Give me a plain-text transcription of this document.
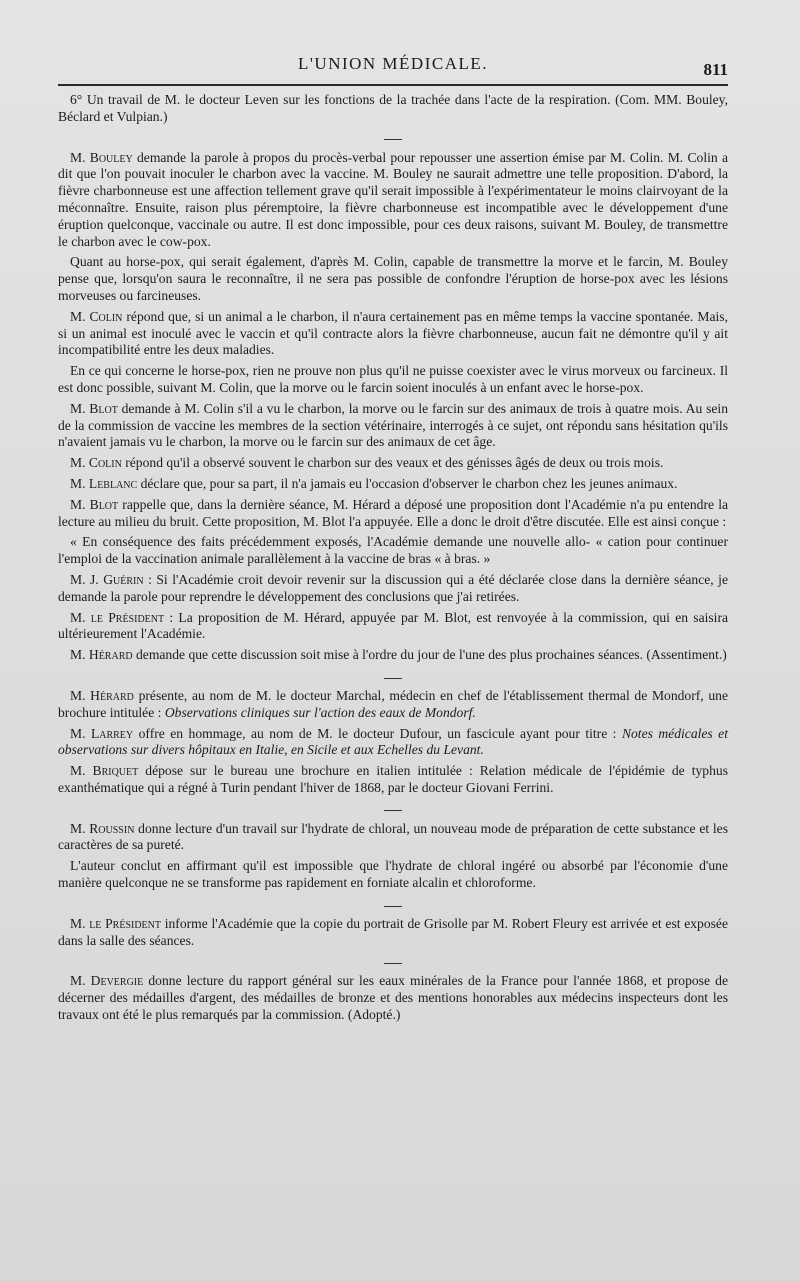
L'UNION MÉDICALE.	811

6° Un travail de M. le docteur Leven sur les fonctions de la trachée dans l'acte de la respiration. (Com. MM. Bouley, Béclard et Vulpian.)

M. Bouley demande la parole à propos du procès-verbal pour repousser une assertion émise par M. Colin. M. Colin a dit que l'on pouvait inoculer le charbon avec la vaccine. M. Bouley ne saurait admettre une telle proposition. D'abord, la fièvre charbonneuse est une affection tellement grave qu'il serait impossible à l'expérimentateur le moins clairvoyant de la méconnaître. Ensuite, raison plus péremptoire, la fièvre charbonneuse est incompatible avec le développement d'une éruption quelconque, vaccinale ou autre. Il est donc impossible, pour ces deux raisons, suivant M. Bouley, de transmettre le charbon avec le cow-pox.

Quant au horse-pox, qui serait également, d'après M. Colin, capable de transmettre la morve et le farcin, M. Bouley pense que, lorsqu'on saura le reconnaître, il ne sera pas possible de confondre l'éruption de horse-pox avec les lésions morveuses ou farcineuses.

M. Colin répond que, si un animal a le charbon, il n'aura certainement pas en même temps la vaccine spontanée. Mais, si un animal est inoculé avec le vaccin et qu'il contracte alors la fièvre charbonneuse, aucun fait ne démontre qu'il y ait incompatibilité entre les deux maladies.

En ce qui concerne le horse-pox, rien ne prouve non plus qu'il ne puisse coexister avec le virus morveux ou farcineux. Il est donc possible, suivant M. Colin, que la morve ou le farcin soient inoculés à un enfant avec le horse-pox.

M. Blot demande à M. Colin s'il a vu le charbon, la morve ou le farcin sur des animaux de trois à quatre mois. Au sein de la commission de vaccine les membres de la section vétérinaire, interrogés à ce sujet, ont répondu sans hésitation qu'ils n'avaient jamais vu le charbon, la morve ou le farcin sur des animaux de cet âge.

M. Colin répond qu'il a observé souvent le charbon sur des veaux et des génisses âgés de deux ou trois mois.

M. Leblanc déclare que, pour sa part, il n'a jamais eu l'occasion d'observer le charbon chez les jeunes animaux.

M. Blot rappelle que, dans la dernière séance, M. Hérard a déposé une proposition dont l'Académie n'a pu entendre la lecture au milieu du bruit. Cette proposition, M. Blot l'a appuyée. Elle a donc le droit d'être discutée. Elle est ainsi conçue :

« En conséquence des faits précédemment exposés, l'Académie demande une nouvelle allo- « cation pour continuer l'emploi de la vaccination animale parallèlement à la vaccine de bras « à bras. »

M. J. Guérin : Si l'Académie croit devoir revenir sur la discussion qui a été déclarée close dans la dernière séance, je demande la parole pour reprendre le développement des conclusions que j'ai retirées.

M. le Président : La proposition de M. Hérard, appuyée par M. Blot, est renvoyée à la commission, qui en saisira ultérieurement l'Académie.

M. Hérard demande que cette discussion soit mise à l'ordre du jour de l'une des plus prochaines séances. (Assentiment.)

M. Hérard présente, au nom de M. le docteur Marchal, médecin en chef de l'établissement thermal de Mondorf, une brochure intitulée : Observations cliniques sur l'action des eaux de Mondorf.

M. Larrey offre en hommage, au nom de M. le docteur Dufour, un fascicule ayant pour titre : Notes médicales et observations sur divers hôpitaux en Italie, en Sicile et aux Echelles du Levant.

M. Briquet dépose sur le bureau une brochure en italien intitulée : Relation médicale de l'épidémie de typhus exanthématique qui a régné à Turin pendant l'hiver de 1868, par le docteur Giovani Ferrini.

M. Roussin donne lecture d'un travail sur l'hydrate de chloral, un nouveau mode de préparation de cette substance et les caractères de sa pureté.

L'auteur conclut en affirmant qu'il est impossible que l'hydrate de chloral ingéré ou absorbé par l'économie d'une manière quelconque ne se transforme pas rapidement en forniate alcalin et chloroforme.

M. le Président informe l'Académie que la copie du portrait de Grisolle par M. Robert Fleury est arrivée et est exposée dans la salle des séances.

M. Devergie donne lecture du rapport général sur les eaux minérales de la France pour l'année 1868, et propose de décerner des médailles d'argent, des médailles de bronze et des mentions honorables aux médecins inspecteurs dont les travaux ont été le plus remarqués par la commission. (Adopté.)
